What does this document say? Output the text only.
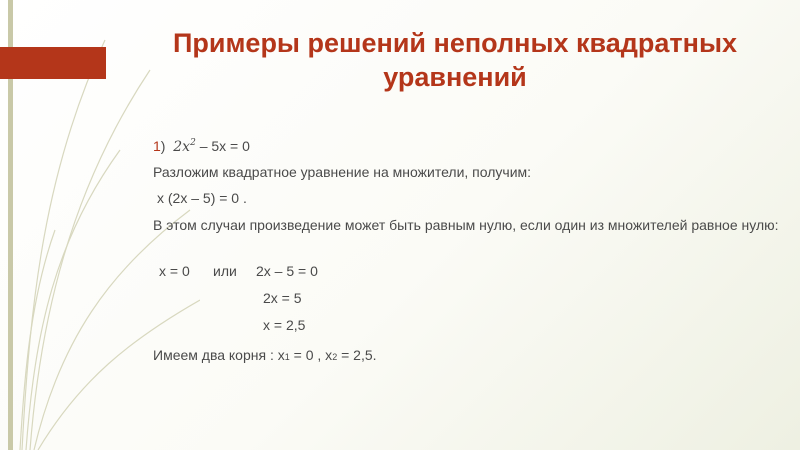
Примеры решений неполных квадратных уравнений
1) $2x^2 - 5x = 0$
Разложим квадратное уравнение на множители, получим:
x (2x – 5) = 0 .
В этом случаи произведение может быть равным нулю, если один из множителей равное нулю:
x = 0 или 2x – 5 = 0
2x = 5
x = 2,5
Имеем два корня : x1 = 0 , x2 = 2,5.
